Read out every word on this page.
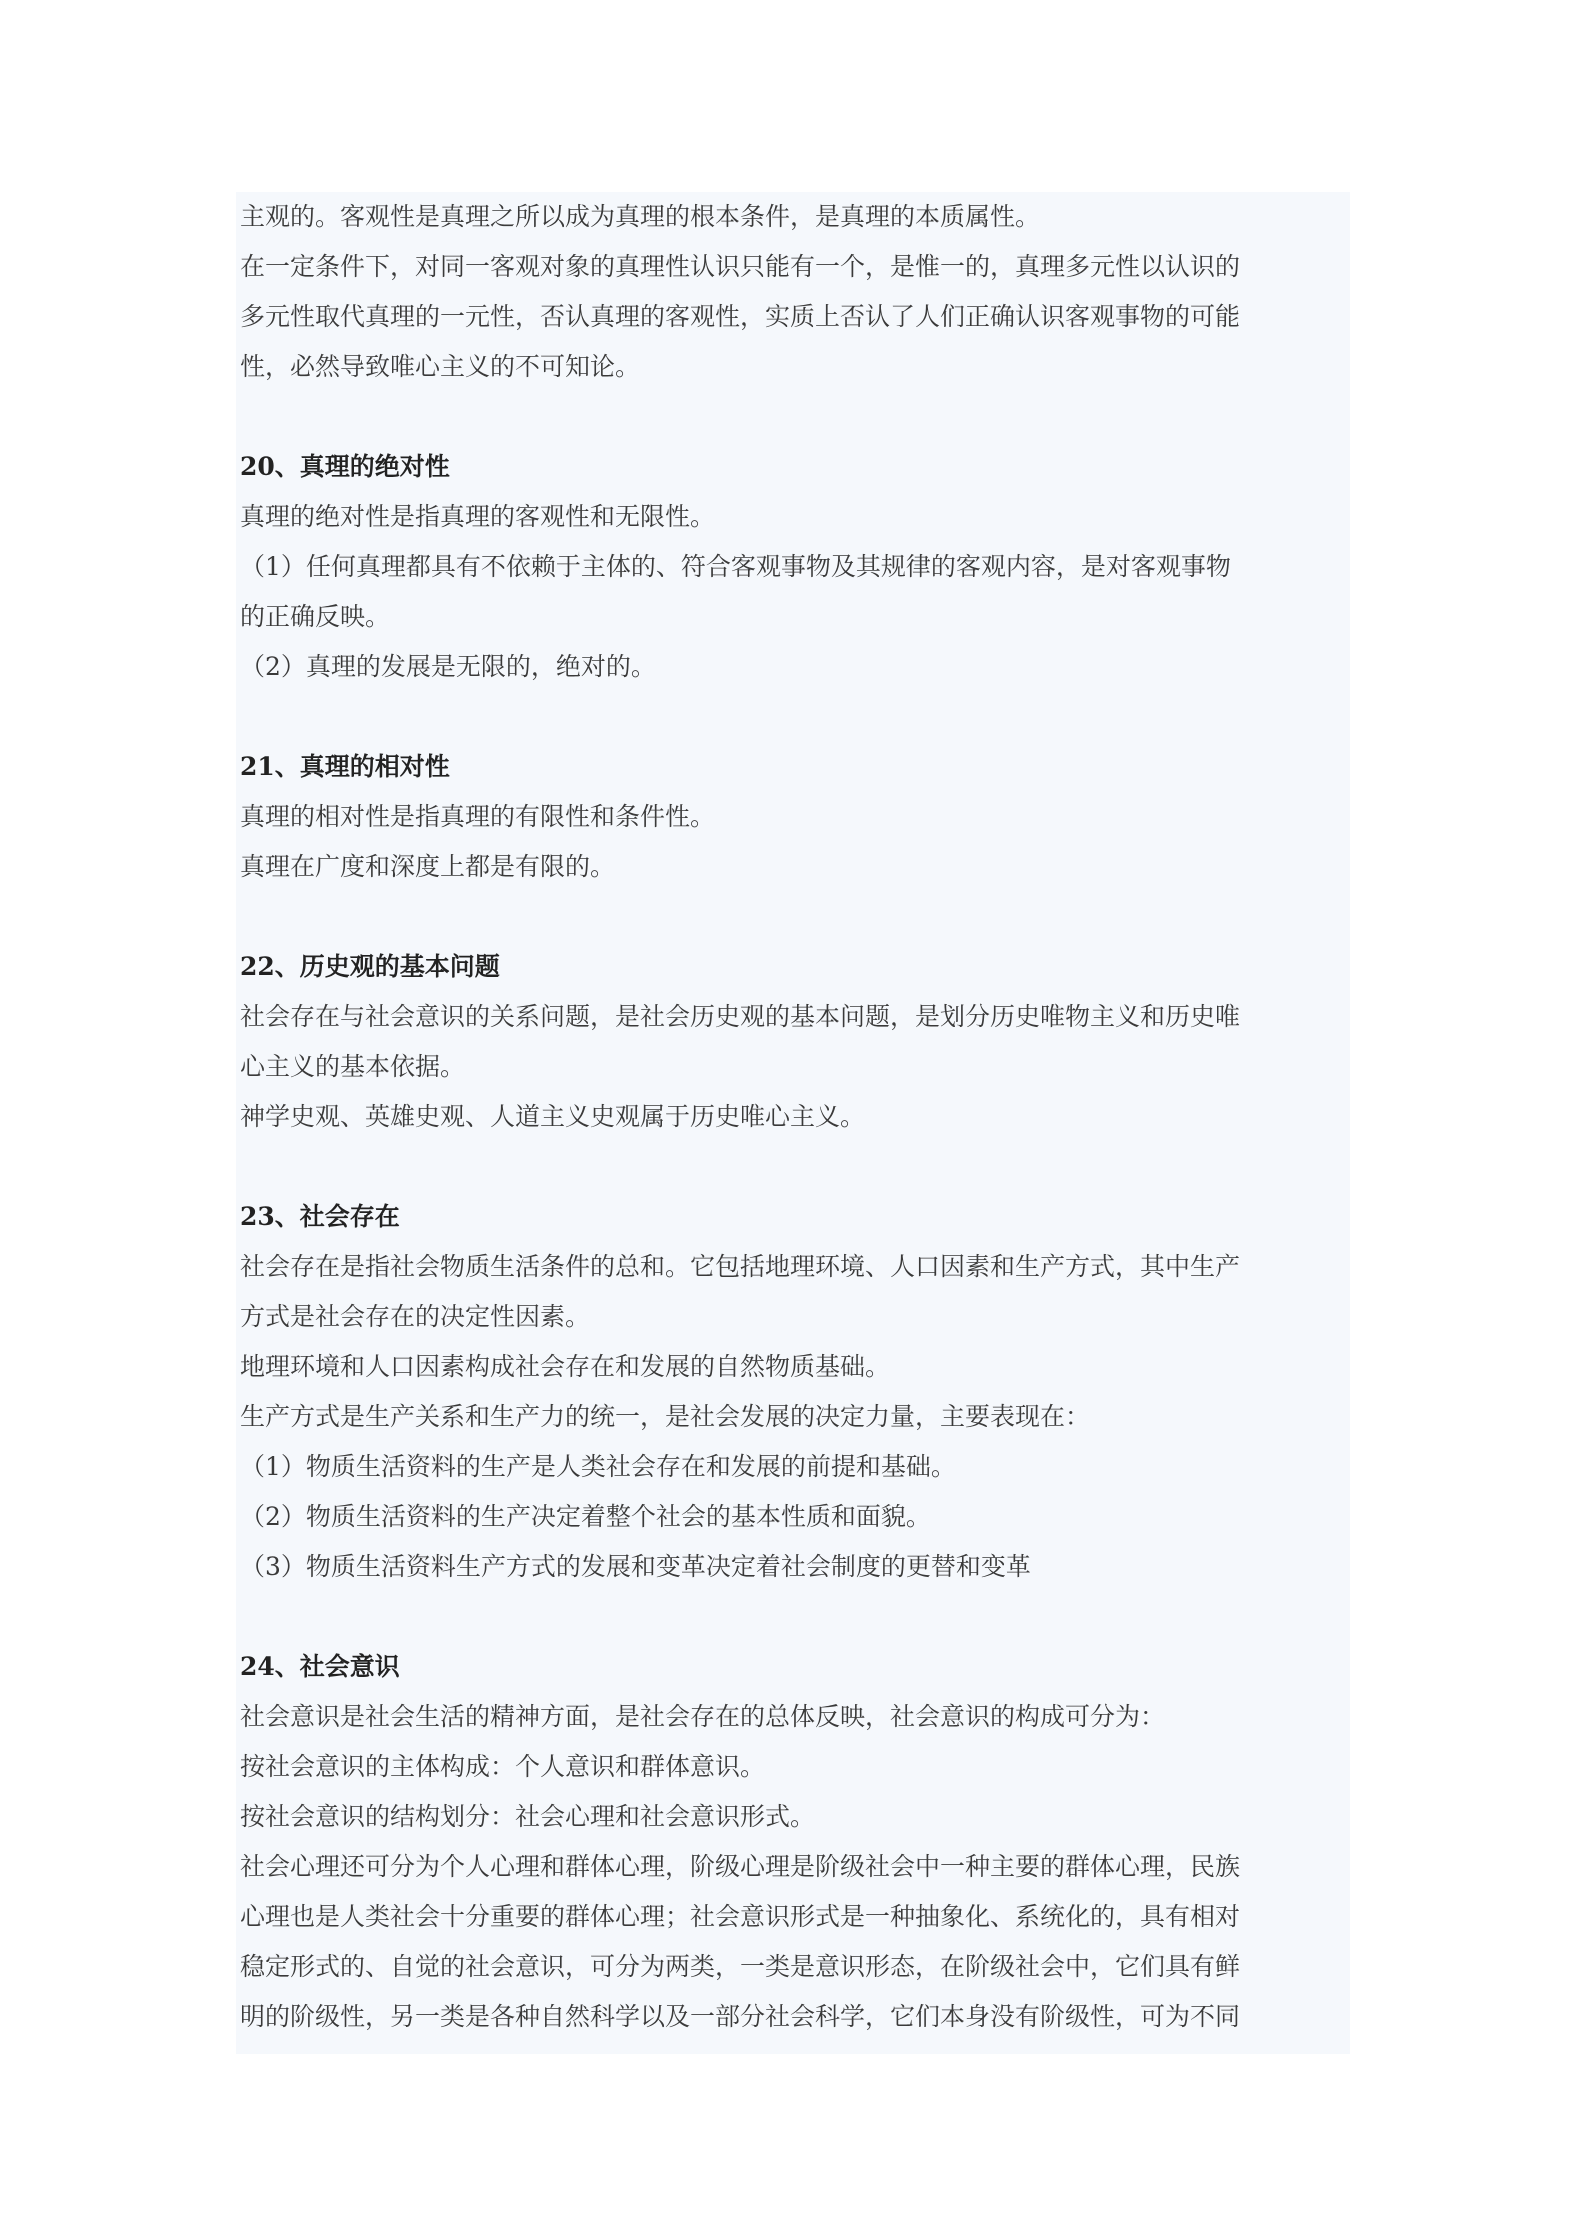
主观的。客观性是真理之所以成为真理的根本条件，是真理的本质属性。
在一定条件下，对同一客观对象的真理性认识只能有一个，是惟一的，真理多元性以认识的
多元性取代真理的一元性，否认真理的客观性，实质上否认了人们正确认识客观事物的可能
性，必然导致唯心主义的不可知论。
20、真理的绝对性
真理的绝对性是指真理的客观性和无限性。
（1）任何真理都具有不依赖于主体的、符合客观事物及其规律的客观内容，是对客观事物
的正确反映。
（2）真理的发展是无限的，绝对的。
21、真理的相对性
真理的相对性是指真理的有限性和条件性。
真理在广度和深度上都是有限的。
22、历史观的基本问题
社会存在与社会意识的关系问题，是社会历史观的基本问题，是划分历史唯物主义和历史唯
心主义的基本依据。
神学史观、英雄史观、人道主义史观属于历史唯心主义。
23、社会存在
社会存在是指社会物质生活条件的总和。它包括地理环境、人口因素和生产方式，其中生产
方式是社会存在的决定性因素。
地理环境和人口因素构成社会存在和发展的自然物质基础。
生产方式是生产关系和生产力的统一，是社会发展的决定力量，主要表现在：
（1）物质生活资料的生产是人类社会存在和发展的前提和基础。
（2）物质生活资料的生产决定着整个社会的基本性质和面貌。
（3）物质生活资料生产方式的发展和变革决定着社会制度的更替和变革
24、社会意识
社会意识是社会生活的精神方面，是社会存在的总体反映，社会意识的构成可分为：
按社会意识的主体构成：个人意识和群体意识。
按社会意识的结构划分：社会心理和社会意识形式。
社会心理还可分为个人心理和群体心理，阶级心理是阶级社会中一种主要的群体心理，民族
心理也是人类社会十分重要的群体心理；社会意识形式是一种抽象化、系统化的，具有相对
稳定形式的、自觉的社会意识，可分为两类，一类是意识形态，在阶级社会中，它们具有鲜
明的阶级性，另一类是各种自然科学以及一部分社会科学，它们本身没有阶级性，可为不同
